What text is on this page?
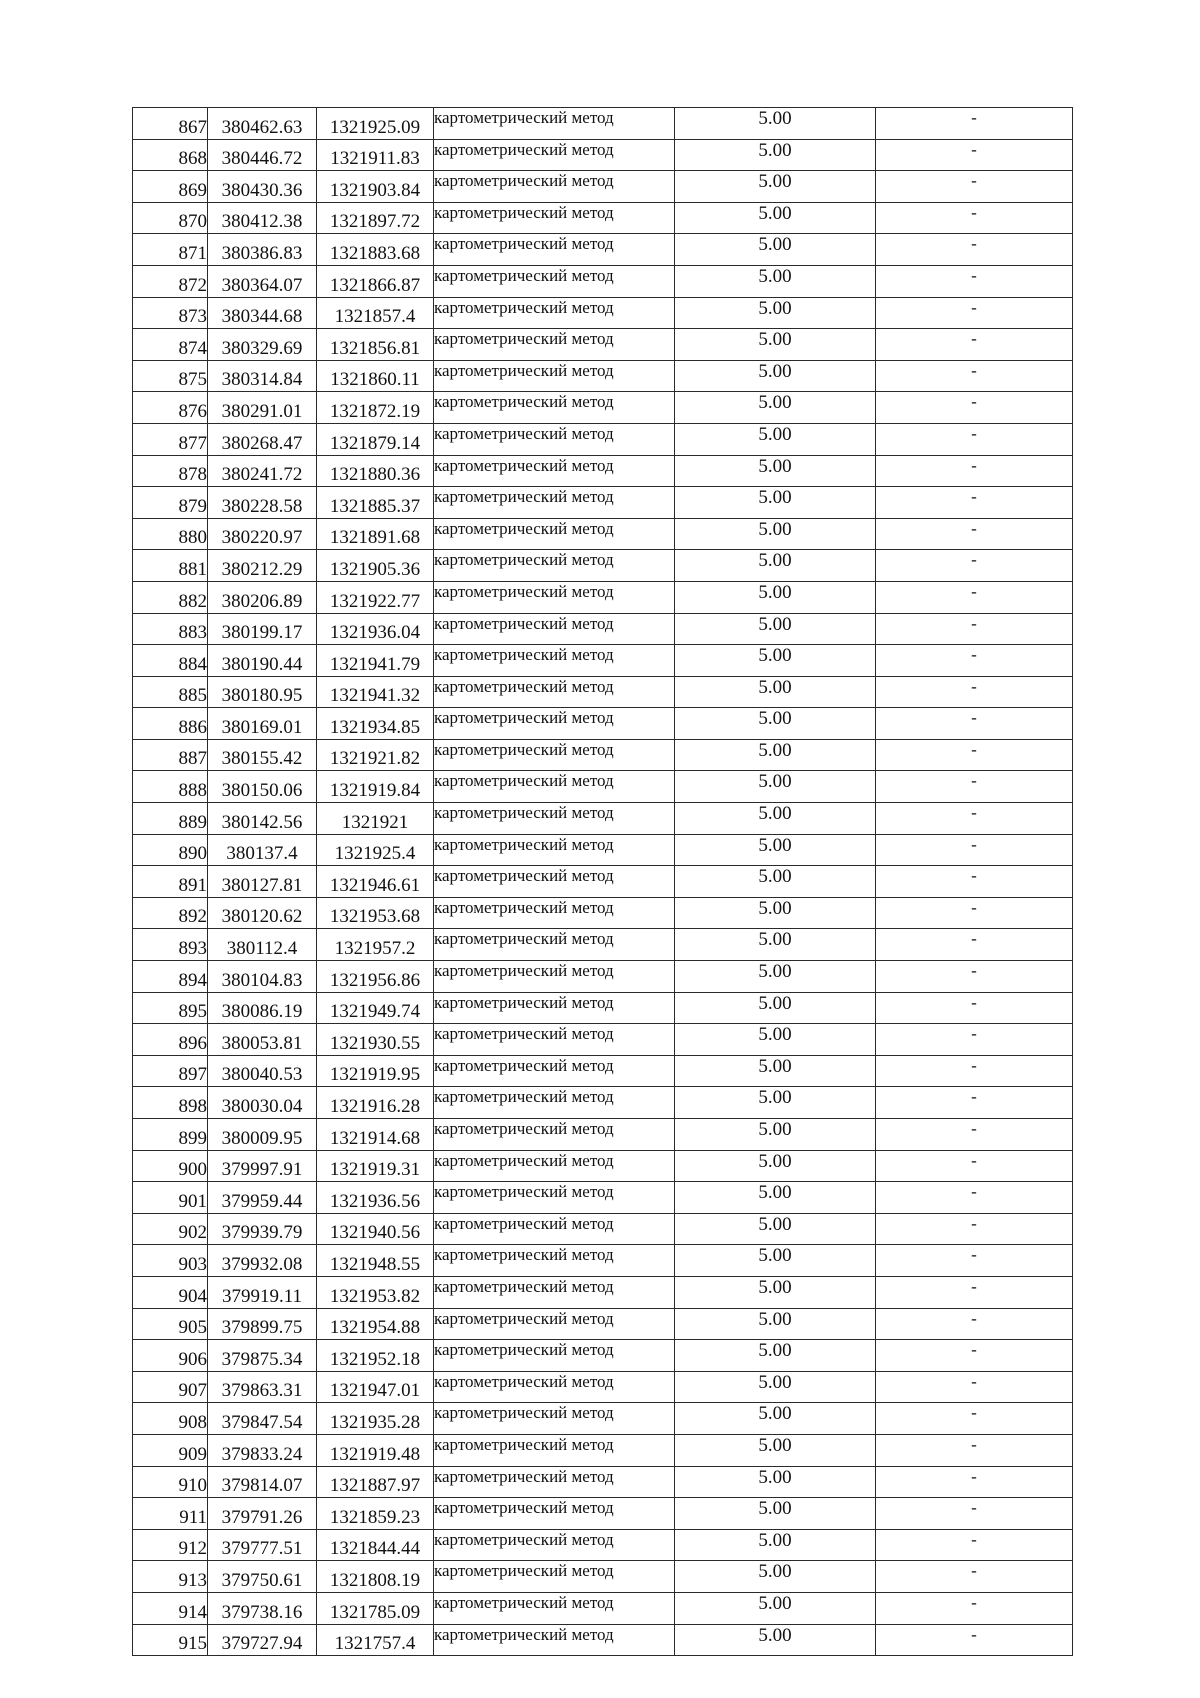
867	380462.63	1321925.09	картометрический метод	5.00	-
868	380446.72	1321911.83	картометрический метод	5.00	-
869	380430.36	1321903.84	картометрический метод	5.00	-
870	380412.38	1321897.72	картометрический метод	5.00	-
871	380386.83	1321883.68	картометрический метод	5.00	-
872	380364.07	1321866.87	картометрический метод	5.00	-
873	380344.68	1321857.4	картометрический метод	5.00	-
874	380329.69	1321856.81	картометрический метод	5.00	-
875	380314.84	1321860.11	картометрический метод	5.00	-
876	380291.01	1321872.19	картометрический метод	5.00	-
877	380268.47	1321879.14	картометрический метод	5.00	-
878	380241.72	1321880.36	картометрический метод	5.00	-
879	380228.58	1321885.37	картометрический метод	5.00	-
880	380220.97	1321891.68	картометрический метод	5.00	-
881	380212.29	1321905.36	картометрический метод	5.00	-
882	380206.89	1321922.77	картометрический метод	5.00	-
883	380199.17	1321936.04	картометрический метод	5.00	-
884	380190.44	1321941.79	картометрический метод	5.00	-
885	380180.95	1321941.32	картометрический метод	5.00	-
886	380169.01	1321934.85	картометрический метод	5.00	-
887	380155.42	1321921.82	картометрический метод	5.00	-
888	380150.06	1321919.84	картометрический метод	5.00	-
889	380142.56	1321921	картометрический метод	5.00	-
890	380137.4	1321925.4	картометрический метод	5.00	-
891	380127.81	1321946.61	картометрический метод	5.00	-
892	380120.62	1321953.68	картометрический метод	5.00	-
893	380112.4	1321957.2	картометрический метод	5.00	-
894	380104.83	1321956.86	картометрический метод	5.00	-
895	380086.19	1321949.74	картометрический метод	5.00	-
896	380053.81	1321930.55	картометрический метод	5.00	-
897	380040.53	1321919.95	картометрический метод	5.00	-
898	380030.04	1321916.28	картометрический метод	5.00	-
899	380009.95	1321914.68	картометрический метод	5.00	-
900	379997.91	1321919.31	картометрический метод	5.00	-
901	379959.44	1321936.56	картометрический метод	5.00	-
902	379939.79	1321940.56	картометрический метод	5.00	-
903	379932.08	1321948.55	картометрический метод	5.00	-
904	379919.11	1321953.82	картометрический метод	5.00	-
905	379899.75	1321954.88	картометрический метод	5.00	-
906	379875.34	1321952.18	картометрический метод	5.00	-
907	379863.31	1321947.01	картометрический метод	5.00	-
908	379847.54	1321935.28	картометрический метод	5.00	-
909	379833.24	1321919.48	картометрический метод	5.00	-
910	379814.07	1321887.97	картометрический метод	5.00	-
911	379791.26	1321859.23	картометрический метод	5.00	-
912	379777.51	1321844.44	картометрический метод	5.00	-
913	379750.61	1321808.19	картометрический метод	5.00	-
914	379738.16	1321785.09	картометрический метод	5.00	-
915	379727.94	1321757.4	картометрический метод	5.00	-
